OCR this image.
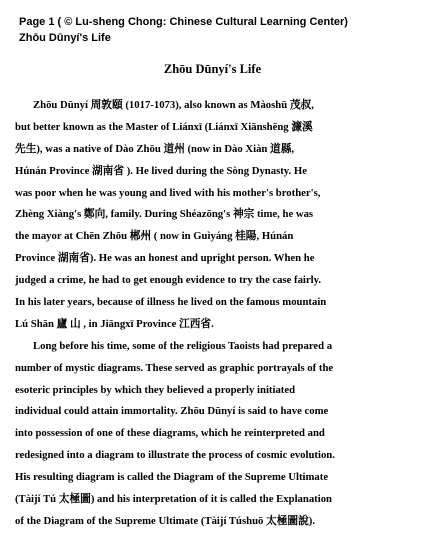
Page 1 ( © Lu-sheng Chong: Chinese Cultural Learning Center)
Zhōu Dūnyí's Life
Zhōu Dūnyí's Life
Zhōu Dūnyí 周敦頤 (1017-1073), also known as Màoshū 茂叔,
but better known as the Master of Liánxī (Liánxī Xiānshēng 濂溪
先生), was a native of Dào Zhōu 道州 (now in Dào Xiàn 道縣,
Húnán Province 湖南省 ). He lived during the Sòng Dynasty. He
was poor when he was young and lived with his mother's brother's,
Zhèng Xiàng's 鄭向, family. During Shéazōng's 神宗 time, he was
the mayor at Chēn Zhōu 郴州 ( now in Guìyáng 桂陽, Húnán
Province 湖南省). He was an honest and upright person. When he
judged a crime, he had to get enough evidence to try the case fairly.
In his later years, because of illness he lived on the famous mountain
Lú Shān 廬 山 , in Jiāngxī Province 江西省.
Long before his time, some of the religious Taoists had prepared a
number of mystic diagrams. These served as graphic portrayals of the
esoteric principles by which they believed a properly initiated
individual could attain immortality. Zhōu Dūnyí is said to have come
into possession of one of these diagrams, which he reinterpreted and
redesigned into a diagram to illustrate the process of cosmic evolution.
His resulting diagram is called the Diagram of the Supreme Ultimate
(Tàijí Tú 太極圖) and his interpretation of it is called the Explanation
of the Diagram of the Supreme Ultimate (Tàijí Túshuō 太極圖說).
